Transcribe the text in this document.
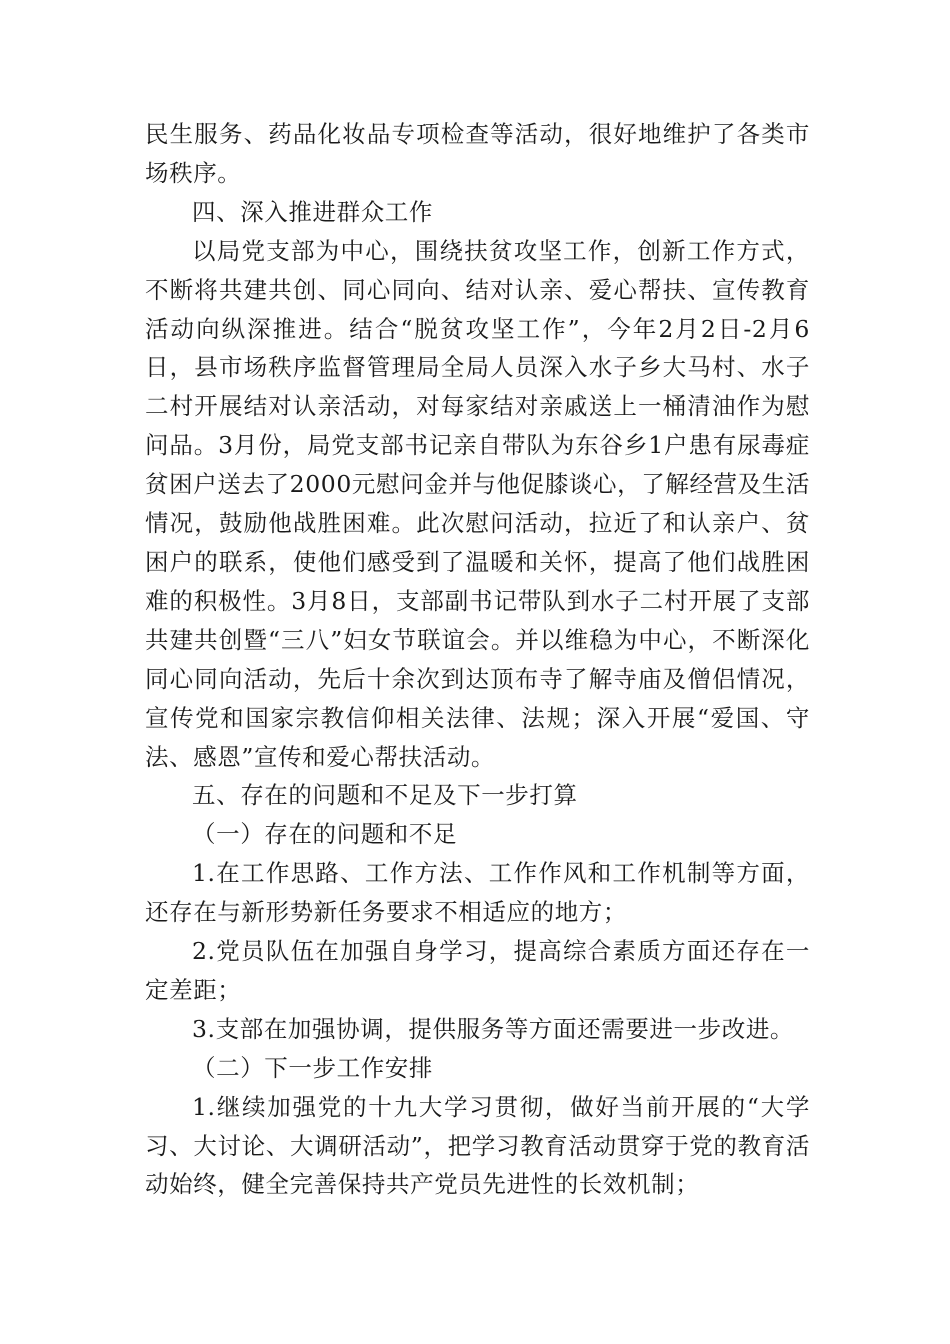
民生服务、药品化妆品专项检查等活动，很好地维护了各类市场秩序。

四、深入推进群众工作

以局党支部为中心，围绕扶贫攻坚工作，创新工作方式，不断将共建共创、同心同向、结对认亲、爱心帮扶、宣传教育活动向纵深推进。结合“脱贫攻坚工作”，今年2月2日-2月6日，县市场秩序监督管理局全局人员深入水子乡大马村、水子二村开展结对认亲活动，对每家结对亲戚送上一桶清油作为慰问品。3月份，局党支部书记亲自带队为东谷乡1户患有尿毒症贫困户送去了2000元慰问金并与他促膝谈心，了解经营及生活情况，鼓励他战胜困难。此次慰问活动，拉近了和认亲户、贫困户的联系，使他们感受到了温暖和关怀，提高了他们战胜困难的积极性。3月8日，支部副书记带队到水子二村开展了支部共建共创暨“三八”妇女节联谊会。并以维稳为中心，不断深化同心同向活动，先后十余次到达顶布寺了解寺庙及僧侣情况，宣传党和国家宗教信仰相关法律、法规；深入开展“爱国、守法、感恩”宣传和爱心帮扶活动。

五、存在的问题和不足及下一步打算

（一）存在的问题和不足

1.在工作思路、工作方法、工作作风和工作机制等方面，还存在与新形势新任务要求不相适应的地方；

2.党员队伍在加强自身学习，提高综合素质方面还存在一定差距；

3.支部在加强协调，提供服务等方面还需要进一步改进。

（二）下一步工作安排

1.继续加强党的十九大学习贯彻，做好当前开展的“大学习、大讨论、大调研活动”，把学习教育活动贯穿于党的教育活动始终，健全完善保持共产党员先进性的长效机制；
